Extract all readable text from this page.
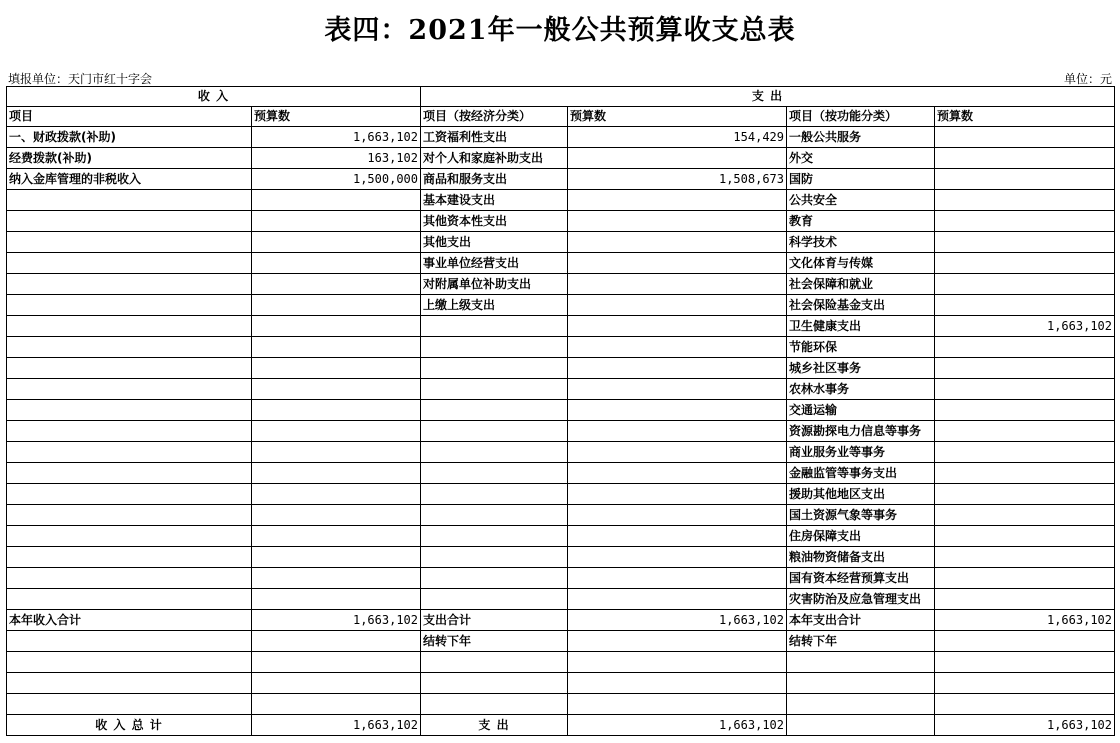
表四：2021年一般公共预算收支总表
填报单位：天门市红十字会	单位：元
收 入		支 出			
项目	预算数	项目（按经济分类）	预算数	项目（按功能分类）	预算数
一、财政拨款(补助)	1,663,102	工资福利性支出	154,429	一般公共服务	
经费拨款(补助)	163,102	对个人和家庭补助支出		外交	
纳入金库管理的非税收入	1,500,000	商品和服务支出	1,508,673	国防	
		基本建设支出		公共安全	
		其他资本性支出		教育	
		其他支出		科学技术	
		事业单位经营支出		文化体育与传媒	
		对附属单位补助支出		社会保障和就业	
		上缴上级支出		社会保险基金支出	
				卫生健康支出	1,663,102
				节能环保	
				城乡社区事务	
				农林水事务	
				交通运输	
				资源勘探电力信息等事务	
				商业服务业等事务	
				金融监管等事务支出	
				援助其他地区支出	
				国土资源气象等事务	
				住房保障支出	
				粮油物资储备支出	
				国有资本经营预算支出	
				灾害防治及应急管理支出	
本年收入合计	1,663,102	支出合计	1,663,102	本年支出合计	1,663,102
		结转下年		结转下年	

收 入 总 计	1,663,102	支 出	1,663,102		1,663,102
